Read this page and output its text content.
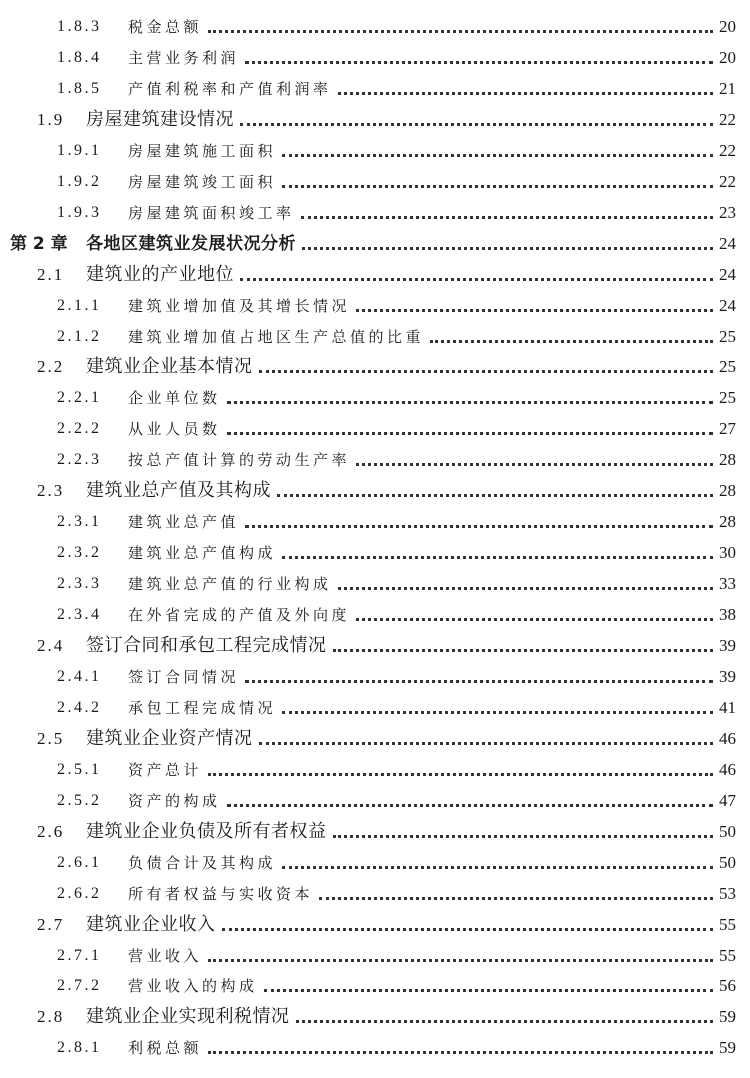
1.8.3 税金总额	20
1.8.4 主营业务利润	20
1.8.5 产值利税率和产值利润率	21
1.9 房屋建筑建设情况	22
1.9.1 房屋建筑施工面积	22
1.9.2 房屋建筑竣工面积	22
1.9.3 房屋建筑面积竣工率	23
第 2 章 各地区建筑业发展状况分析	24
2.1 建筑业的产业地位	24
2.1.1 建筑业增加值及其增长情况	24
2.1.2 建筑业增加值占地区生产总值的比重	25
2.2 建筑业企业基本情况	25
2.2.1 企业单位数	25
2.2.2 从业人员数	27
2.2.3 按总产值计算的劳动生产率	28
2.3 建筑业总产值及其构成	28
2.3.1 建筑业总产值	28
2.3.2 建筑业总产值构成	30
2.3.3 建筑业总产值的行业构成	33
2.3.4 在外省完成的产值及外向度	38
2.4 签订合同和承包工程完成情况	39
2.4.1 签订合同情况	39
2.4.2 承包工程完成情况	41
2.5 建筑业企业资产情况	46
2.5.1 资产总计	46
2.5.2 资产的构成	47
2.6 建筑业企业负债及所有者权益	50
2.6.1 负债合计及其构成	50
2.6.2 所有者权益与实收资本	53
2.7 建筑业企业收入	55
2.7.1 营业收入	55
2.7.2 营业收入的构成	56
2.8 建筑业企业实现利税情况	59
2.8.1 利税总额	59
